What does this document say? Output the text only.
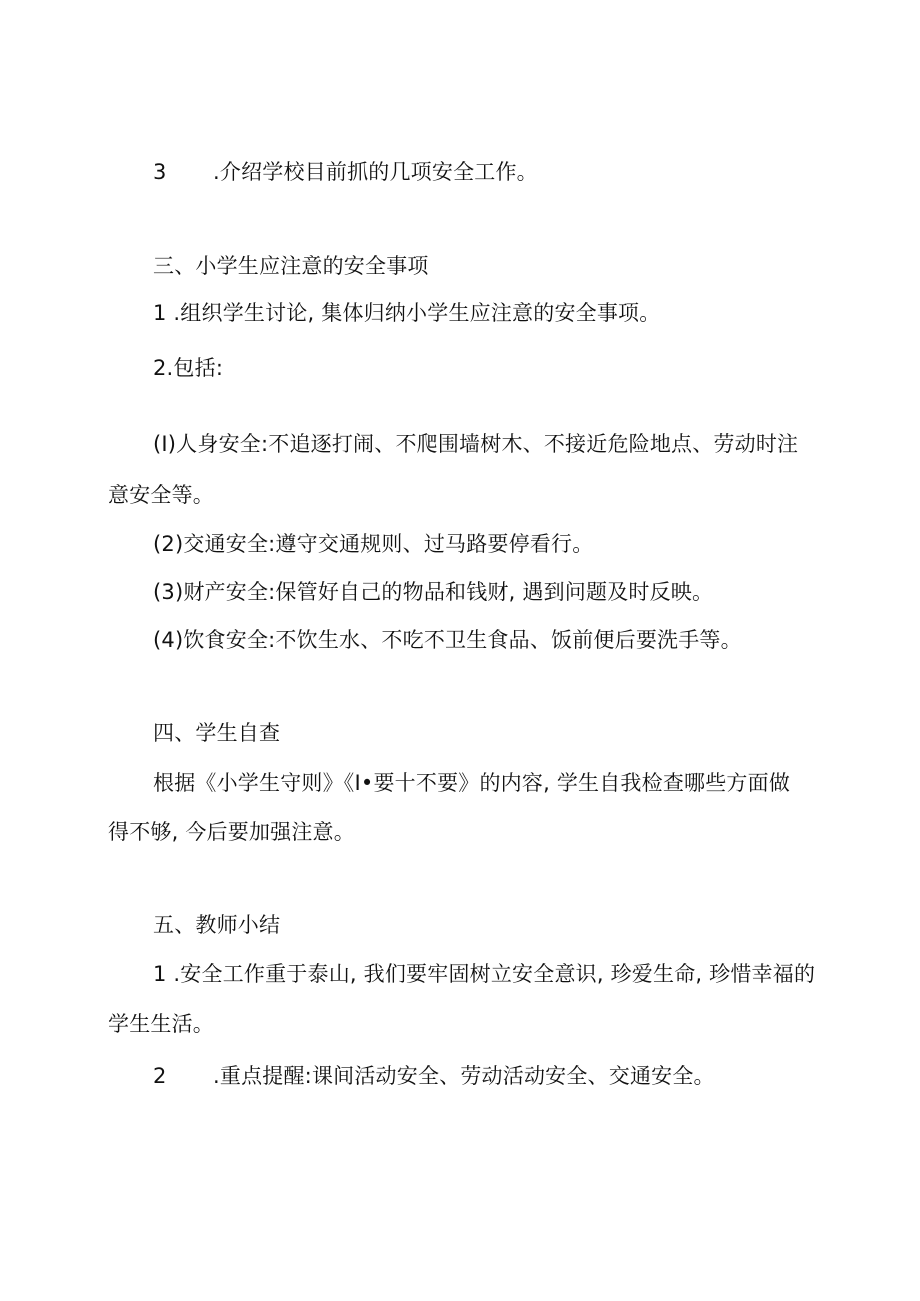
3 .介绍学校目前抓的几项安全工作。
三、小学生应注意的安全事项
1 .组织学生讨论, 集体归纳小学生应注意的安全事项。
2.包括:
(I)人身安全:不追逐打闹、不爬围墙树木、不接近危险地点、劳动时注
意安全等。
(2)交通安全:遵守交通规则、过马路要停看行。
(3)财产安全:保管好自己的物品和钱财, 遇到问题及时反映。
(4)饮食安全:不饮生水、不吃不卫生食品、饭前便后要洗手等。
四、学生自查
根据《小学生守则》《I•要十不要》的内容, 学生自我检查哪些方面做
得不够, 今后要加强注意。
五、教师小结
1 .安全工作重于泰山, 我们要牢固树立安全意识, 珍爱生命, 珍惜幸福的
学生生活。
2 .重点提醒:课间活动安全、劳动活动安全、交通安全。
